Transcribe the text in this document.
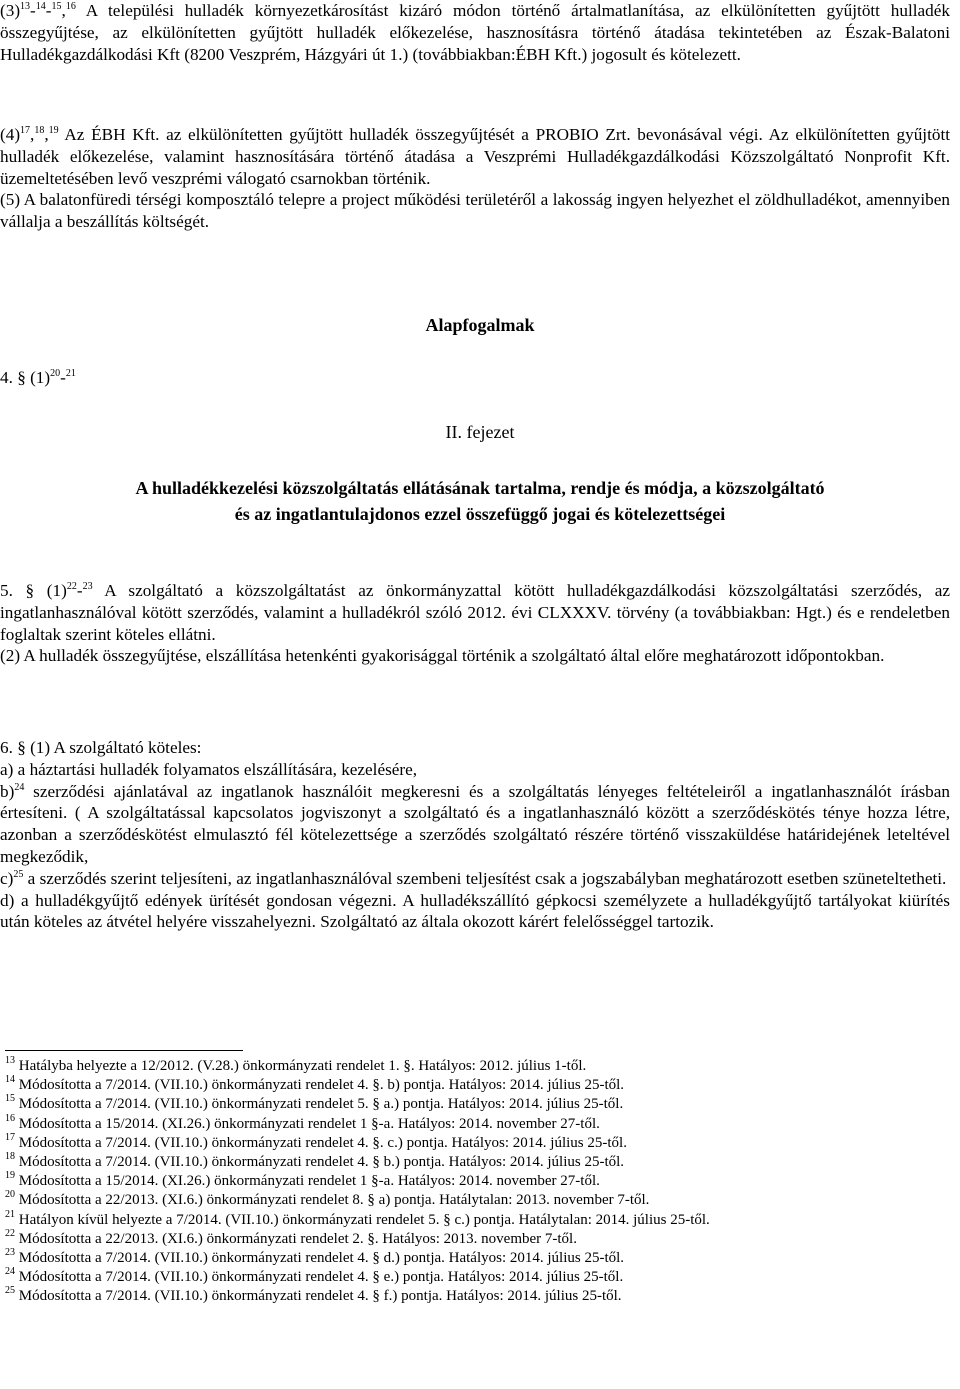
$(3)^{13}-^{14}-^{15},^{16}$ A települési hulladék környezetkárosítást kizáró módon történő ártalmatlanítása, az elkülönítetten gyűjtött hulladék összegyűjtése, az elkülönítetten gyűjtött hulladék előkezelése, hasznosításra történő átadása tekintetében az Észak-Balatoni Hulladékgazdálkodási Kft (8200 Veszprém, Házgyári út 1.) (továbbiakban:ÉBH Kft.) jogosult és kötelezett.

$(4)^{17},^{18},^{19}$ Az ÉBH Kft. az elkülönítetten gyűjtött hulladék összegyűjtését a PROBIO Zrt. bevonásával végi. Az elkülönítetten gyűjtött hulladék előkezelése, valamint hasznosítására történő átadása a Veszprémi Hulladékgazdálkodási Közszolgáltató Nonprofit Kft. üzemeltetésében levő veszprémi válogató csarnokban történik.

(5) A balatonfüredi térségi komposztáló telepre a project működési területéről a lakosság ingyen helyezhet el zöldhulladékot, amennyiben vállalja a beszállítás költségét.

Alapfogalmak

4. § $(1)^{20}-^{21}$

II. fejezet
A hulladékkezelési közszolgáltatás ellátásának tartalma, rendje és módja, a közszolgáltató
és az ingatlantulajdonos ezzel összefüggő jogai és kötelezettségei

5. § $(1)^{22}-^{23}$ A szolgáltató a közszolgáltatást az önkormányzattal kötött hulladékgazdálkodási közszolgáltatási szerződés, az ingatlanhasználóval kötött szerződés, valamint a hulladékról szóló 2012. évi CLXXXV. törvény (a továbbiakban: Hgt.) és e rendeletben foglaltak szerint köteles ellátni.

(2) A hulladék összegyűjtése, elszállítása hetenkénti gyakorisággal történik a szolgáltató által előre meghatározott időpontokban.

6. § (1) A szolgáltató köteles:

a) a háztartási hulladék folyamatos elszállítására, kezelésére,

b)$^{24}$ szerződési ajánlatával az ingatlanok használóit megkeresni és a szolgáltatás lényeges feltételeiről a ingatlanhasználót írásban értesíteni. ( A szolgáltatással kapcsolatos jogviszonyt a szolgáltató és a ingatlanhasználó között a szerződéskötés ténye hozza létre, azonban a szerződéskötést elmulasztó fél kötelezettsége a szerződés szolgáltató részére történő visszaküldése határidejének leteltével megkeződik,

c)$^{25}$ a szerződés szerint teljesíteni, az ingatlanhasználóval szembeni teljesítést csak a jogszabályban meghatározott esetben szüneteltetheti.

d) a hulladékgyűjtő edények ürítését gondosan végezni. A hulladékszállító gépkocsi személyzete a hulladékgyűjtő tartályokat kiürítés után köteles az átvétel helyére visszahelyezni. Szolgáltató az általa okozott kárért felelősséggel tartozik.

$^{13}$ Hatályba helyezte a 12/2012. (V.28.) önkormányzati rendelet 1. §. Hatályos: 2012. július 1-től.

$^{14}$ Módosította a 7/2014. (VII.10.) önkormányzati rendelet 4. §. b) pontja. Hatályos: 2014. július 25-től.

$^{15}$ Módosította a 7/2014. (VII.10.) önkormányzati rendelet 5. § a.) pontja. Hatályos: 2014. július 25-től.

$^{16}$ Módosította a 15/2014. (XI.26.) önkormányzati rendelet 1 §-a. Hatályos: 2014. november 27-től.

$^{17}$ Módosította a 7/2014. (VII.10.) önkormányzati rendelet 4. §. c.) pontja. Hatályos: 2014. július 25-től.

$^{18}$ Módosította a 7/2014. (VII.10.) önkormányzati rendelet 4. § b.) pontja. Hatályos: 2014. július 25-től.

$^{19}$ Módosította a 15/2014. (XI.26.) önkormányzati rendelet 1 §-a. Hatályos: 2014. november 27-től.

$^{20}$ Módosította a 22/2013. (XI.6.) önkormányzati rendelet 8. § a) pontja. Hatálytalan: 2013. november 7-től.

$^{21}$ Hatályon kívül helyezte a 7/2014. (VII.10.) önkormányzati rendelet 5. § c.) pontja. Hatálytalan: 2014. július 25-től.

$^{22}$ Módosította a 22/2013. (XI.6.) önkormányzati rendelet 2. §. Hatályos: 2013. november 7-től.

$^{23}$ Módosította a 7/2014. (VII.10.) önkormányzati rendelet 4. § d.) pontja. Hatályos: 2014. július 25-től.

$^{24}$ Módosította a 7/2014. (VII.10.) önkormányzati rendelet 4. § e.) pontja. Hatályos: 2014. július 25-től.

$^{25}$ Módosította a 7/2014. (VII.10.) önkormányzati rendelet 4. § f.) pontja. Hatályos: 2014. július 25-től.
